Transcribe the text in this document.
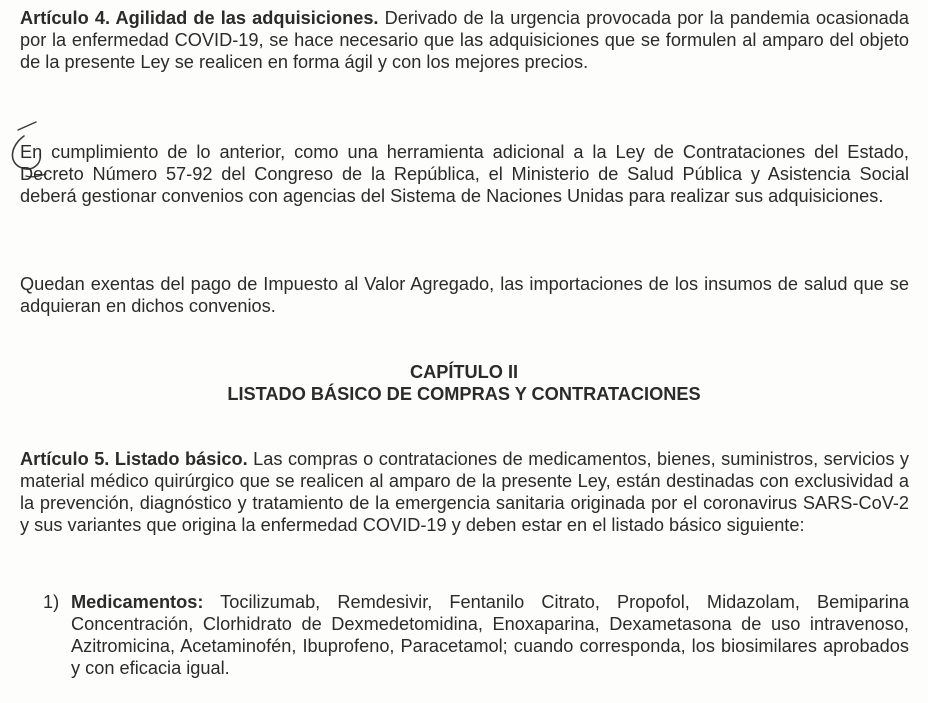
Artículo 4. Agilidad de las adquisiciones. Derivado de la urgencia provocada por la pandemia ocasionada por la enfermedad COVID-19, se hace necesario que las adquisiciones que se formulen al amparo del objeto de la presente Ley se realicen en forma ágil y con los mejores precios.

En cumplimiento de lo anterior, como una herramienta adicional a la Ley de Contrataciones del Estado, Decreto Número 57-92 del Congreso de la República, el Ministerio de Salud Pública y Asistencia Social deberá gestionar convenios con agencias del Sistema de Naciones Unidas para realizar sus adquisiciones.

Quedan exentas del pago de Impuesto al Valor Agregado, las importaciones de los insumos de salud que se adquieran en dichos convenios.

CAPÍTULO II

LISTADO BÁSICO DE COMPRAS Y CONTRATACIONES

Artículo 5. Listado básico. Las compras o contrataciones de medicamentos, bienes, suministros, servicios y material médico quirúrgico que se realicen al amparo de la presente Ley, están destinadas con exclusividad a la prevención, diagnóstico y tratamiento de la emergencia sanitaria originada por el coronavirus SARS-CoV-2 y sus variantes que origina la enfermedad COVID-19 y deben estar en el listado básico siguiente:

1) Medicamentos: Tocilizumab, Remdesivir, Fentanilo Citrato, Propofol, Midazolam, Bemiparina Concentración, Clorhidrato de Dexmedetomidina, Enoxaparina, Dexametasona de uso intravenoso, Azitromicina, Acetaminofén, Ibuprofeno, Paracetamol; cuando corresponda, los biosimilares aprobados y con eficacia igual.
